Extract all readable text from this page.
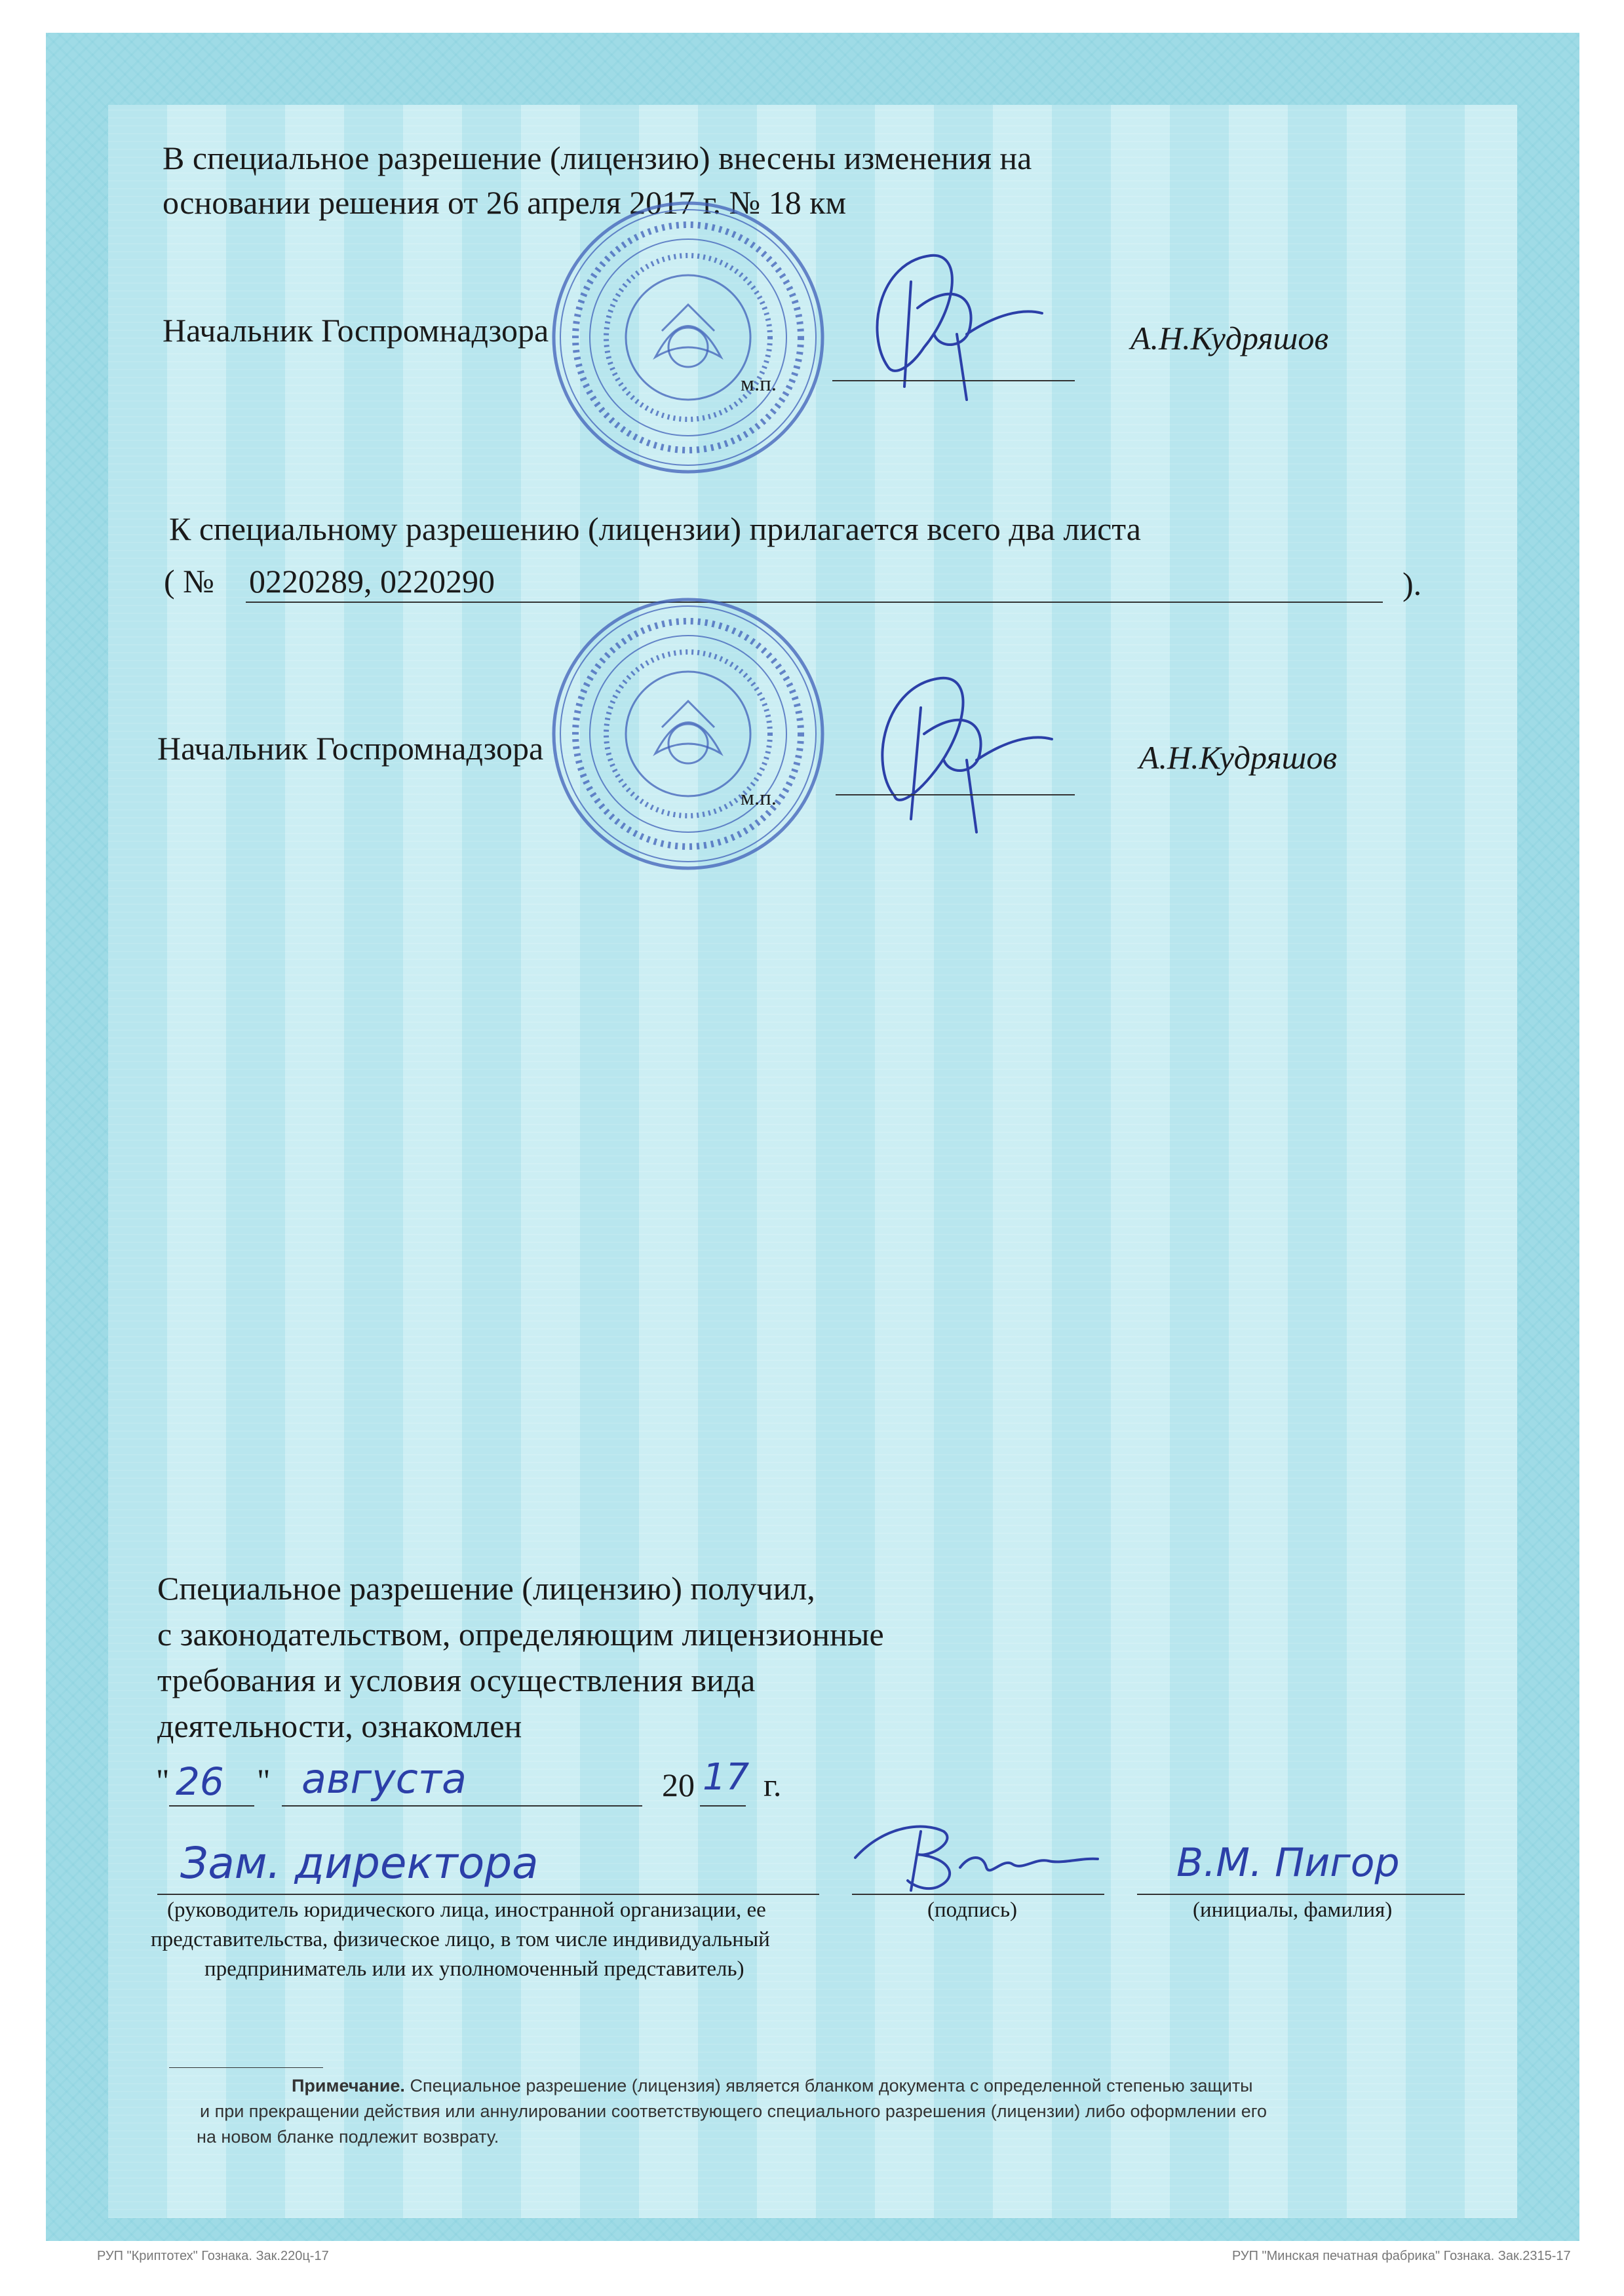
В специальное разрешение (лицензию) внесены изменения на
основании решения от 26 апреля 2017 г. № 18 км
Начальник Госпромнадзора
м.п.
А.Н.Кудряшов
К специальному разрешению (лицензии) прилагается всего два листа
( № 0220289, 0220290	).
Начальник Госпромнадзора
м.п.
А.Н.Кудряшов
Специальное разрешение (лицензию) получил,
с законодательством, определяющим лицензионные
требования и условия осуществления вида
деятельности, ознакомлен
" 26 " августа	20 17 г.
Зам. директора	В.М. Пигор
(руководитель юридического лица, иностранной организации, ее
представительства, физическое лицо, в том числе индивидуальный
предприниматель или их уполномоченный представитель)
(подпись)	(инициалы, фамилия)
Примечание. Специальное разрешение (лицензия) является бланком документа с определенной степенью защиты
и при прекращении действия или аннулировании соответствующего специального разрешения (лицензии) либо оформлении его
на новом бланке подлежит возврату.
РУП "Криптотех" Гознака. Зак.220ц-17	РУП "Минская печатная фабрика" Гознака. Зак.2315-17
